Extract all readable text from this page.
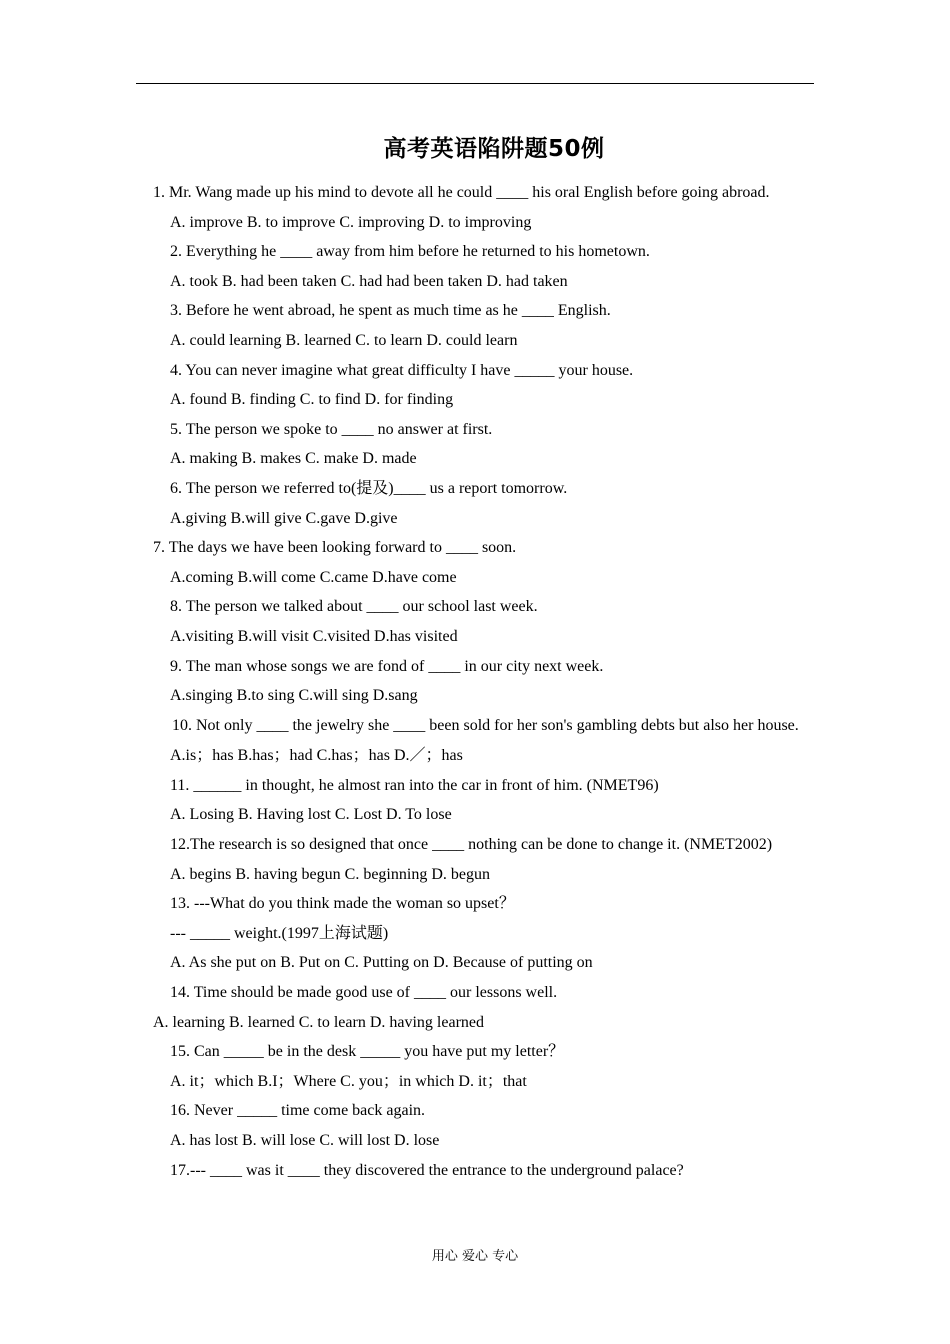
高考英语陷阱题50例
1. Mr. Wang made up his mind to devote all he could ____ his oral English before going abroad.
A. improve B. to improve C. improving D. to improving
2. Everything he ____ away from him before he returned to his hometown.
A. took B. had been taken C. had had been taken D. had taken
3. Before he went abroad, he spent as much time as he ____ English.
A. could learning B. learned C. to learn D. could learn
4. You can never imagine what great difficulty I have _____ your house.
A. found B. finding C. to find D. for finding
5. The person we spoke to ____ no answer at first.
A. making B. makes C. make D. made
6. The person we referred to(提及)____ us a report tomorrow.
A.giving B.will give C.gave D.give
7. The days we have been looking forward to ____ soon.
A.coming B.will come C.came D.have come
8. The person we talked about ____ our school last week.
A.visiting B.will visit C.visited D.has visited
9. The man whose songs we are fond of ____ in our city next week.
A.singing B.to sing C.will sing D.sang
10. Not only ____ the jewelry she ____ been sold for her son's gambling debts but also her house.
A.is；has B.has；had C.has；has D.／；has
11. ______ in thought, he almost ran into the car in front of him. (NMET96)
A. Losing B. Having lost C. Lost D. To lose
12.The research is so designed that once ____ nothing can be done to change it. (NMET2002)
A. begins B. having begun C. beginning D. begun
13. ---What do you think made the woman so upset？
--- _____ weight.(1997上海试题)
A. As she put on B. Put on C. Putting on D. Because of putting on
14. Time should be made good use of ____ our lessons well.
A. learning B. learned C. to learn D. having learned
15. Can _____ be in the desk _____ you have put my letter？
A. it；which B.I；Where C. you；in which D. it；that
16. Never _____ time come back again.
A. has lost B. will lose C. will lost D. lose
17.--- ____ was it ____ they discovered the entrance to the underground palace?
用心 爱心 专心
